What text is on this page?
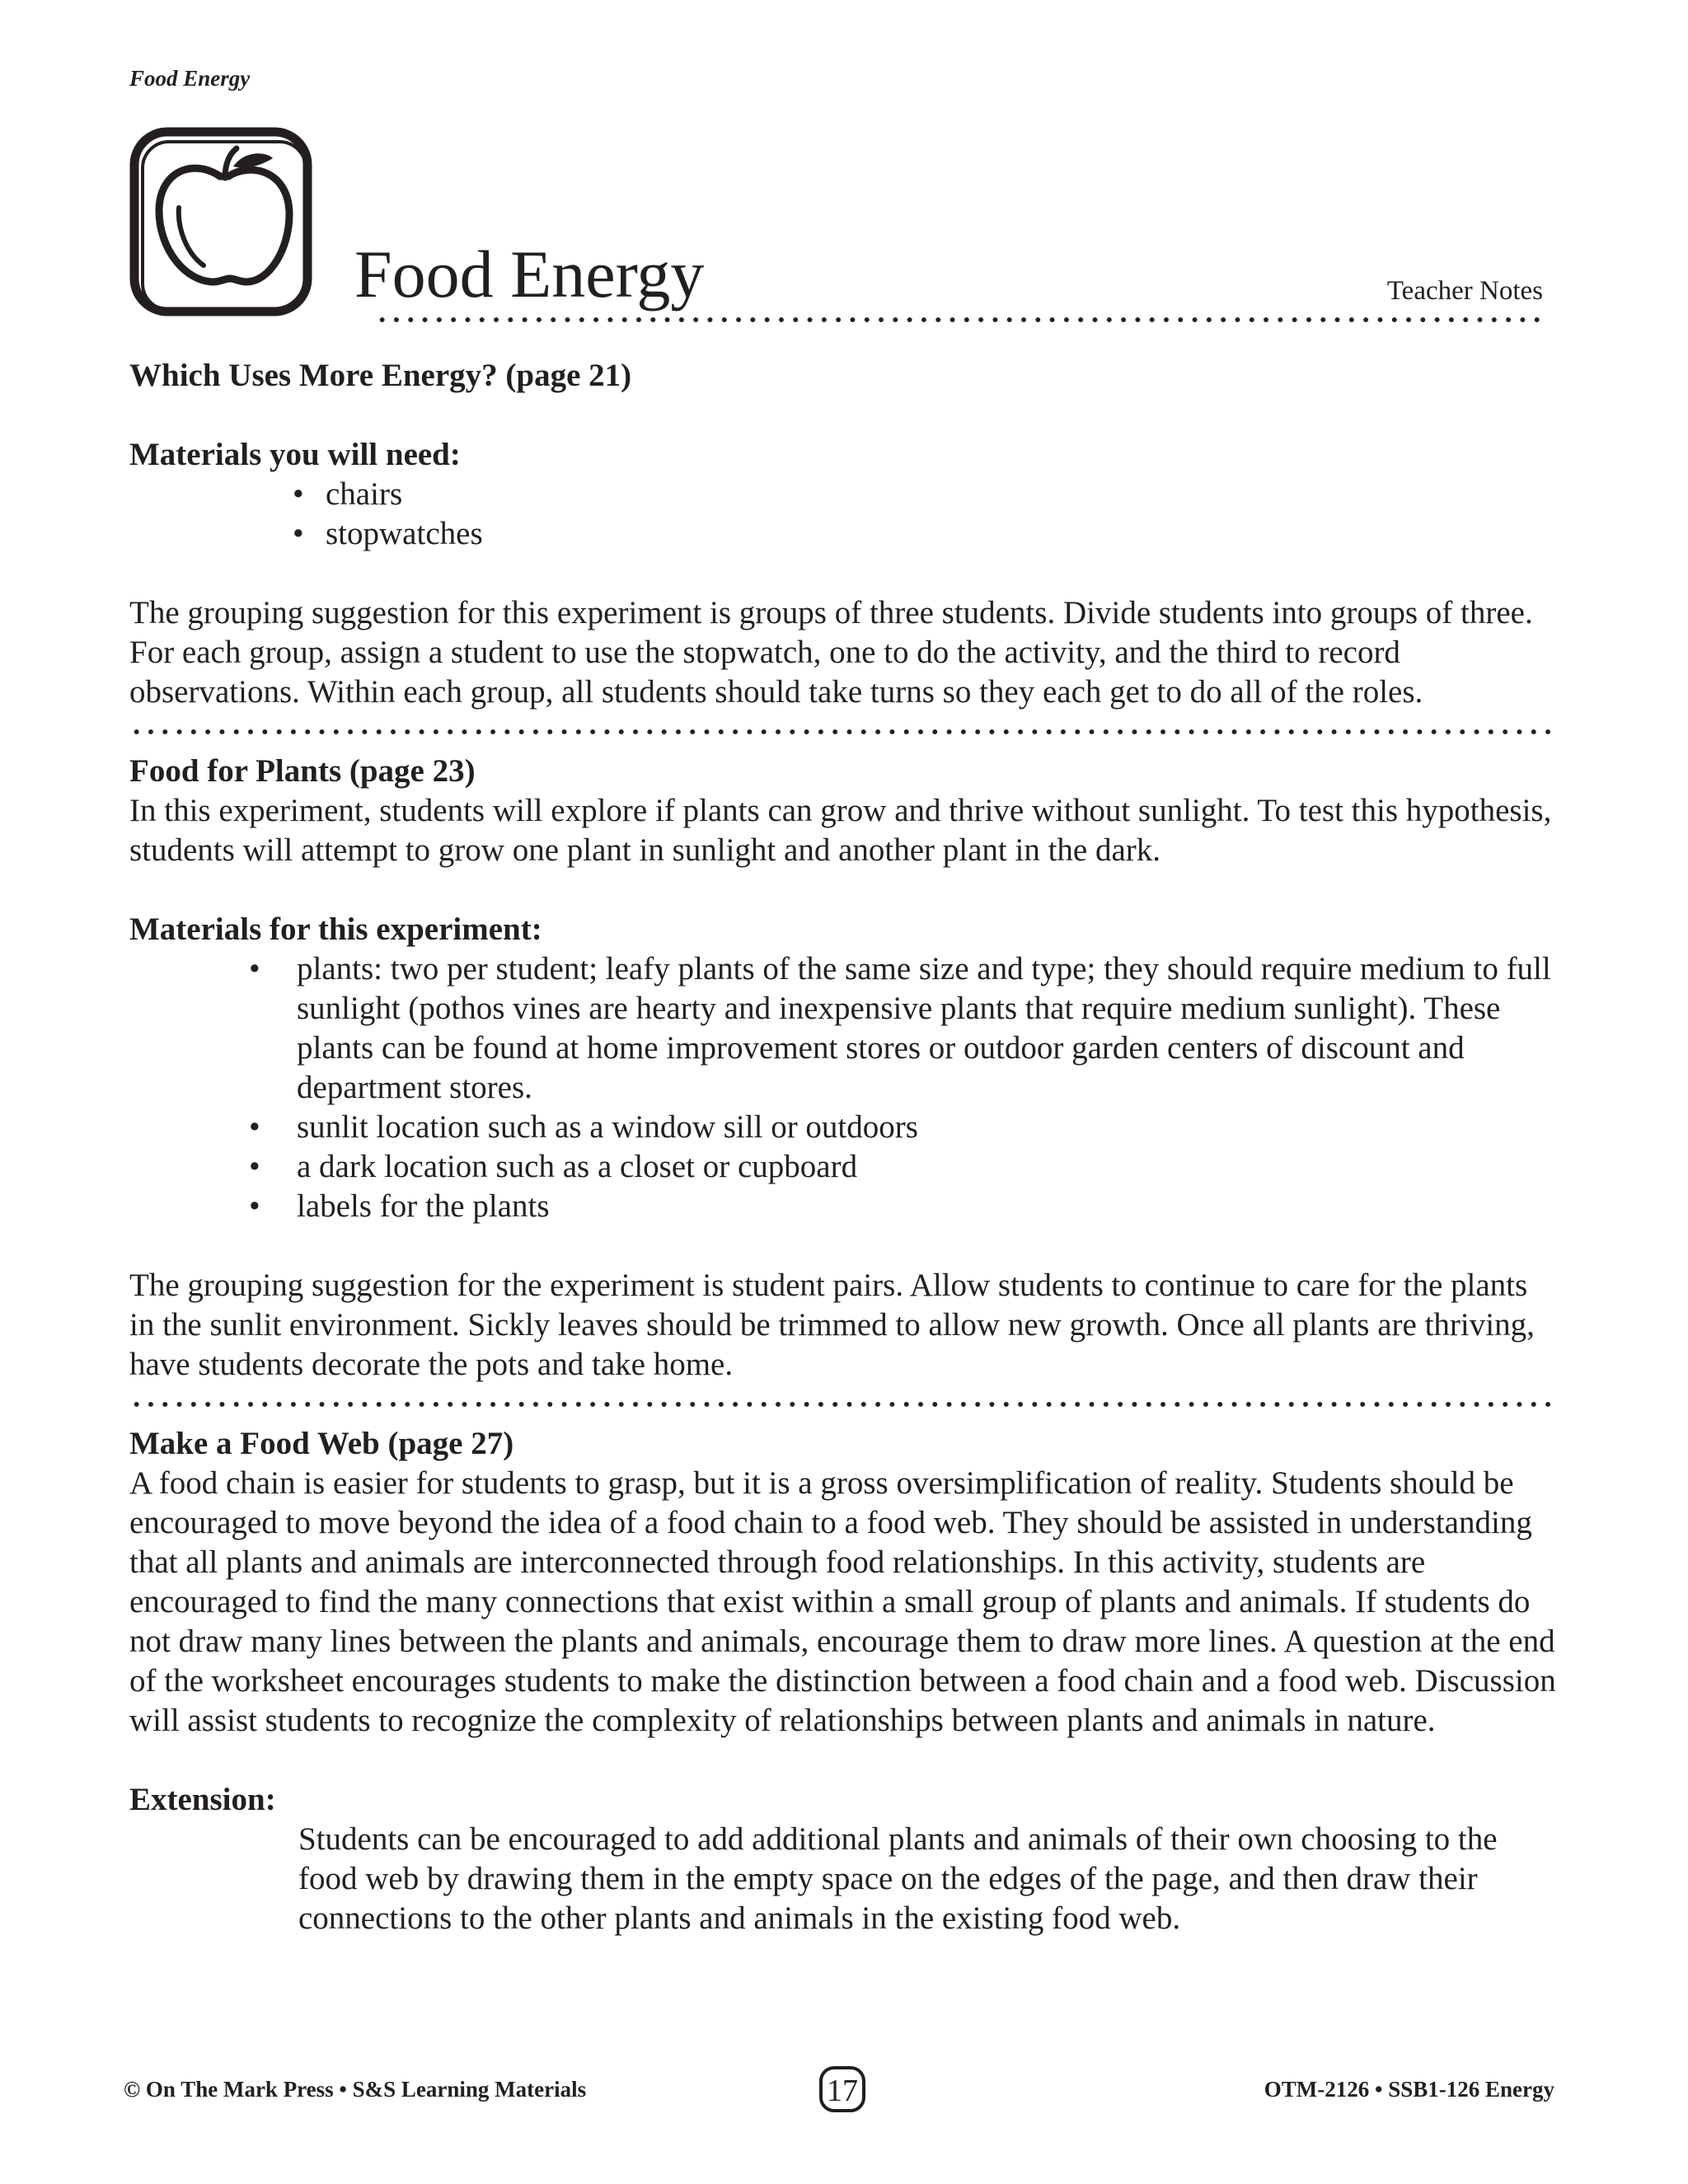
Food Energy
Food Energy	Teacher Notes

Which Uses More Energy? (page 21)

Materials you will need:

• chairs
• stopwatches

The grouping suggestion for this experiment is groups of three students. Divide students into groups of three. For each group, assign a student to use the stopwatch, one to do the activity, and the third to record observations. Within each group, all students should take turns so they each get to do all of the roles.

Food for Plants (page 23)

In this experiment, students will explore if plants can grow and thrive without sunlight. To test this hypothesis, students will attempt to grow one plant in sunlight and another plant in the dark.

Materials for this experiment:

• plants: two per student; leafy plants of the same size and type; they should require medium to full sunlight (pothos vines are hearty and inexpensive plants that require medium sunlight). These plants can be found at home improvement stores or outdoor garden centers of discount and department stores.
• sunlit location such as a window sill or outdoors
• a dark location such as a closet or cupboard
• labels for the plants

The grouping suggestion for the experiment is student pairs. Allow students to continue to care for the plants in the sunlit environment. Sickly leaves should be trimmed to allow new growth. Once all plants are thriving, have students decorate the pots and take home.

Make a Food Web (page 27)

A food chain is easier for students to grasp, but it is a gross oversimplification of reality. Students should be encouraged to move beyond the idea of a food chain to a food web. They should be assisted in understanding that all plants and animals are interconnected through food relationships. In this activity, students are encouraged to find the many connections that exist within a small group of plants and animals. If students do not draw many lines between the plants and animals, encourage them to draw more lines. A question at the end of the worksheet encourages students to make the distinction between a food chain and a food web. Discussion will assist students to recognize the complexity of relationships between plants and animals in nature.

Extension:

Students can be encouraged to add additional plants and animals of their own choosing to the food web by drawing them in the empty space on the edges of the page, and then draw their connections to the other plants and animals in the existing food web.

© On The Mark Press • S&S Learning Materials	17	OTM-2126 • SSB1-126 Energy
